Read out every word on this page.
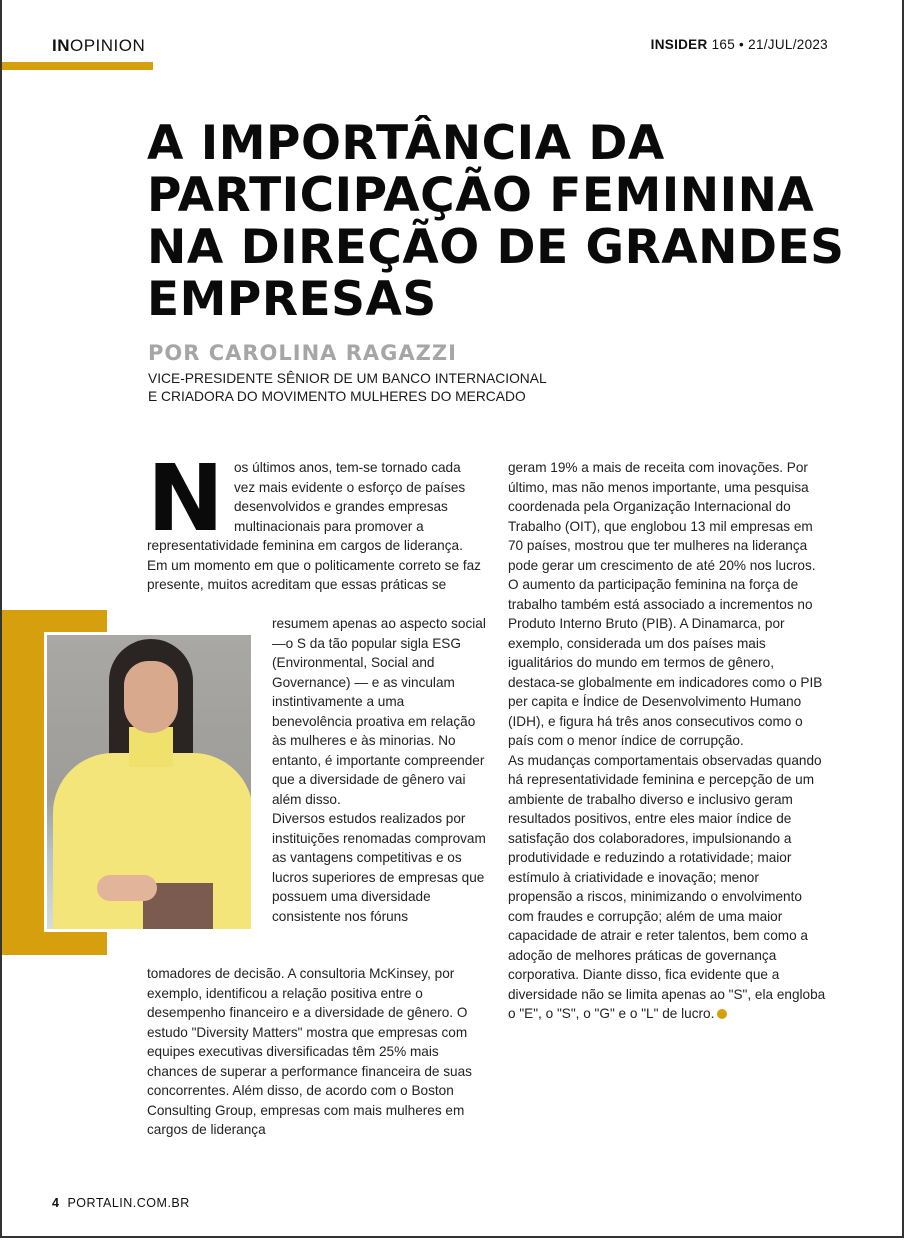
INOPINION	INSIDER 165 • 21/JUL/2023
A IMPORTÂNCIA DA PARTICIPAÇÃO FEMININA NA DIREÇÃO DE GRANDES EMPRESAS
POR CAROLINA RAGAZZI
VICE-PRESIDENTE SÊNIOR DE UM BANCO INTERNACIONAL
E CRIADORA DO MOVIMENTO MULHERES DO MERCADO
N os últimos anos, tem-se tornado cada vez mais evidente o esforço de países desenvolvidos e grandes empresas multinacionais para promover a representatividade feminina em cargos de liderança. Em um momento em que o politicamente correto se faz presente, muitos acreditam que essas práticas se

resumem apenas ao aspecto social —o S da tão popular sigla ESG (Environmental, Social and Governance) — e as vinculam instintivamente a uma benevolência proativa em relação às mulheres e às minorias. No entanto, é importante compreender que a diversidade de gênero vai além disso.

Diversos estudos realizados por instituições renomadas comprovam as vantagens competitivas e os lucros superiores de empresas que possuem uma diversidade consistente nos fóruns

tomadores de decisão. A consultoria McKinsey, por exemplo, identificou a relação positiva entre o desempenho financeiro e a diversidade de gênero. O estudo "Diversity Matters" mostra que empresas com equipes executivas diversificadas têm 25% mais chances de superar a performance financeira de suas concorrentes. Além disso, de acordo com o Boston Consulting Group, empresas com mais mulheres em cargos de liderança

geram 19% a mais de receita com inovações. Por último, mas não menos importante, uma pesquisa coordenada pela Organização Internacional do Trabalho (OIT), que englobou 13 mil empresas em 70 países, mostrou que ter mulheres na liderança pode gerar um crescimento de até 20% nos lucros.

O aumento da participação feminina na força de trabalho também está associado a incrementos no Produto Interno Bruto (PIB). A Dinamarca, por exemplo, considerada um dos países mais igualitários do mundo em termos de gênero, destaca-se globalmente em indicadores como o PIB per capita e Índice de Desenvolvimento Humano (IDH), e figura há três anos consecutivos como o país com o menor índice de corrupção.

As mudanças comportamentais observadas quando há representatividade feminina e percepção de um ambiente de trabalho diverso e inclusivo geram resultados positivos, entre eles maior índice de satisfação dos colaboradores, impulsionando a produtividade e reduzindo a rotatividade; maior estímulo à criatividade e inovação; menor propensão a riscos, minimizando o envolvimento com fraudes e corrupção; além de uma maior capacidade de atrair e reter talentos, bem como a adoção de melhores práticas de governança corporativa. Diante disso, fica evidente que a diversidade não se limita apenas ao "S", ela engloba o "E", o "S", o "G" e o "L" de lucro.

4 PORTALIN.COM.BR
